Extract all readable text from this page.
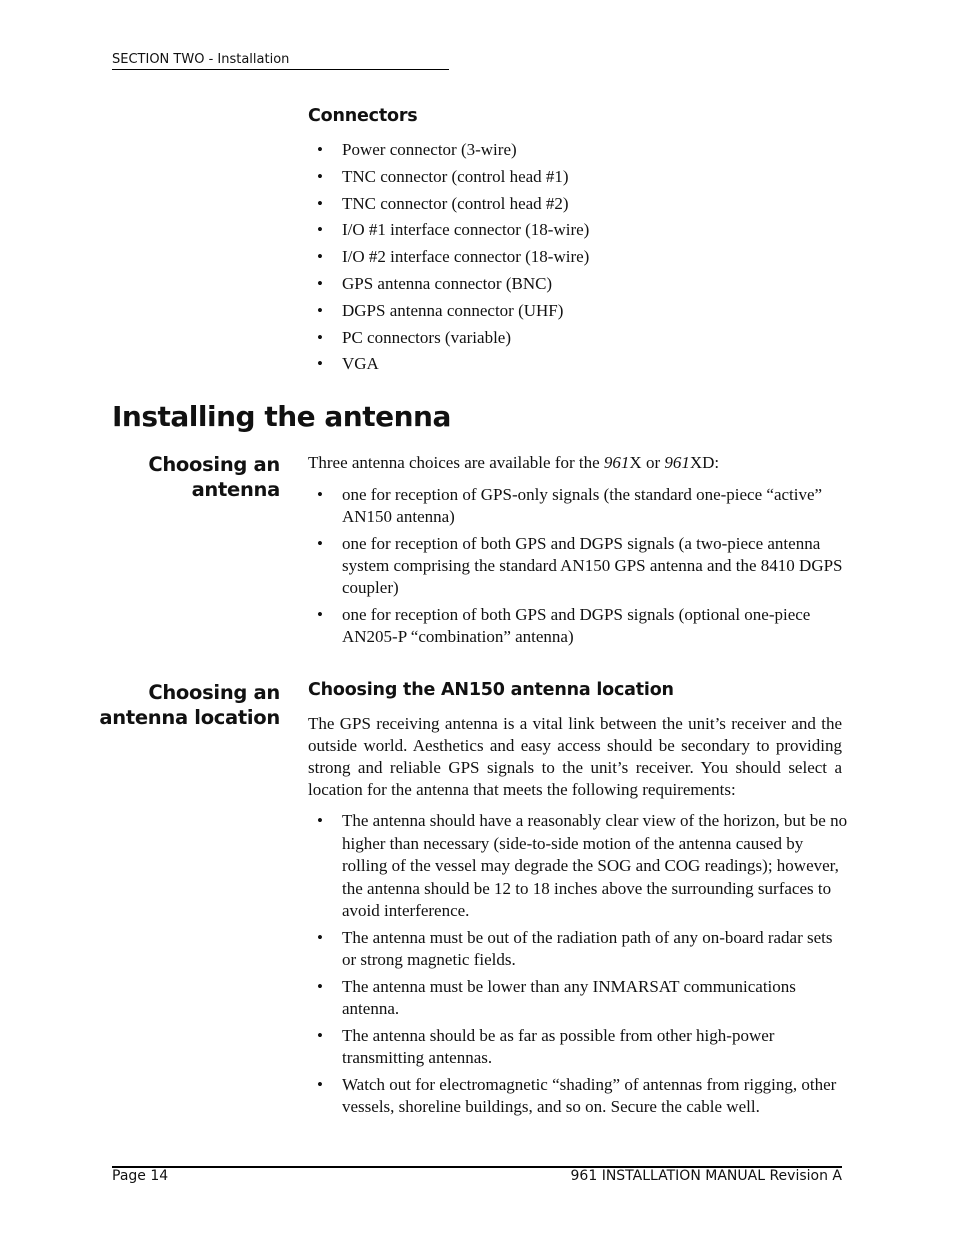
SECTION TWO - Installation
Connectors
• Power connector (3-wire)
• TNC connector (control head #1)
• TNC connector (control head #2)
• I/O #1 interface connector (18-wire)
• I/O #2 interface connector (18-wire)
• GPS antenna connector (BNC)
• DGPS antenna connector (UHF)
• PC connectors (variable)
• VGA
Installing the antenna
Choosing an
antenna

Three antenna choices are available for the 961X or 961XD:

• one for reception of GPS-only signals (the standard one-piece “active” AN150 antenna)
• one for reception of both GPS and DGPS signals (a two-piece antenna system comprising the standard AN150 GPS antenna and the 8410 DGPS coupler)
• one for reception of both GPS and DGPS signals (optional one-piece AN205-P “combination” antenna)
Choosing an
antenna location
Choosing the AN150 antenna location

The GPS receiving antenna is a vital link between the unit’s receiver and the outside world. Aesthetics and easy access should be secondary to providing strong and reliable GPS signals to the unit’s receiver. You should select a location for the antenna that meets the following requirements:

• The antenna should have a reasonably clear view of the horizon, but be no higher than necessary (side-to-side motion of the antenna caused by rolling of the vessel may degrade the SOG and COG readings); however, the antenna should be 12 to 18 inches above the surrounding surfaces to avoid interference.
• The antenna must be out of the radiation path of any on-board radar sets or strong magnetic fields.
• The antenna must be lower than any INMARSAT communications antenna.
• The antenna should be as far as possible from other high-power transmitting antennas.
• Watch out for electromagnetic “shading” of antennas from rigging, other vessels, shoreline buildings, and so on. Secure the cable well.
Page 14	961 INSTALLATION MANUAL Revision A
